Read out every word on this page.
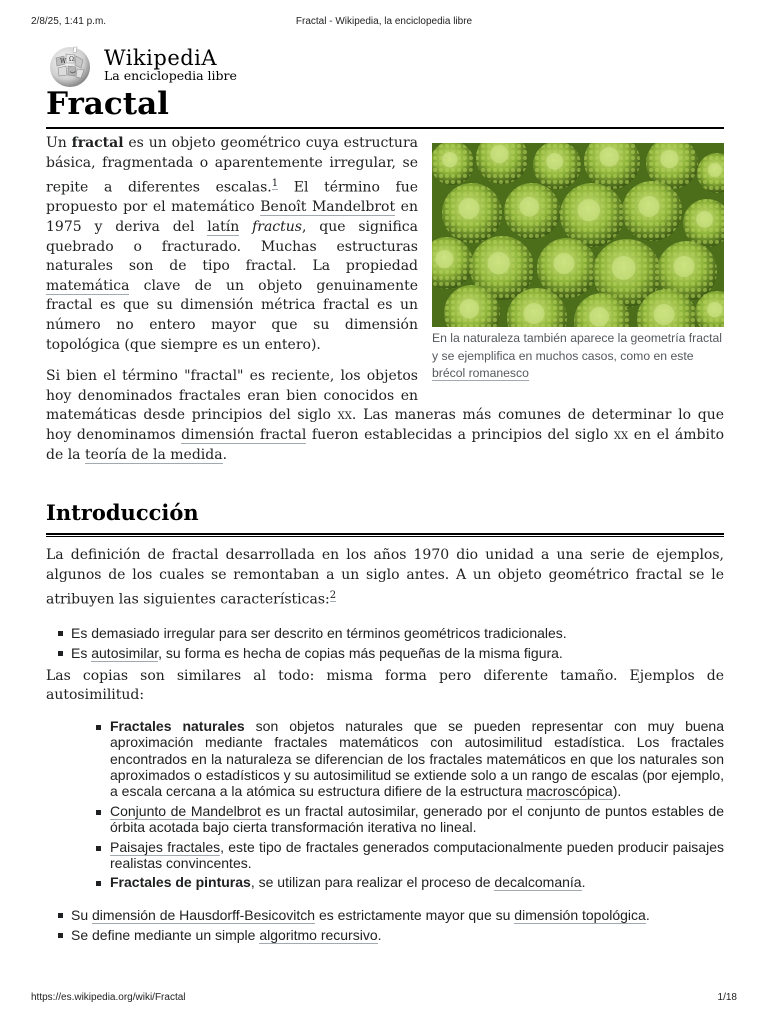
2/8/25, 1:41 p.m.	Fractal - Wikipedia, la enciclopedia libre
W Ω
ب
WikipediA
La enciclopedia libre
Fractal
En la naturaleza también aparece la geometría fractal y se ejemplifica en muchos casos, como en este brécol romanesco

Un fractal es un objeto geométrico cuya estructura básica, fragmentada o aparentemente irregular, se repite a diferentes escalas.$^1$ El término fue propuesto por el matemático Benoît Mandelbrot en 1975 y deriva del latín fractus, que significa quebrado o fracturado. Muchas estructuras naturales son de tipo fractal. La propiedad matemática clave de un objeto genuinamente fractal es que su dimensión métrica fractal es un número no entero mayor que su dimensión topológica (que siempre es un entero).

Si bien el término "fractal" es reciente, los objetos hoy denominados fractales eran bien conocidos en matemáticas desde principios del siglo xx. Las maneras más comunes de determinar lo que hoy denominamos dimensión fractal fueron establecidas a principios del siglo xx en el ámbito de la teoría de la medida.

Introducción

La definición de fractal desarrollada en los años 1970 dio unidad a una serie de ejemplos, algunos de los cuales se remontaban a un siglo antes. A un objeto geométrico fractal se le atribuyen las siguientes características:$^2$

Es demasiado irregular para ser descrito en términos geométricos tradicionales.
Es autosimilar, su forma es hecha de copias más pequeñas de la misma figura.

Las copias son similares al todo: misma forma pero diferente tamaño. Ejemplos de autosimilitud:

Fractales naturales son objetos naturales que se pueden representar con muy buena aproximación mediante fractales matemáticos con autosimilitud estadística. Los fractales encontrados en la naturaleza se diferencian de los fractales matemáticos en que los naturales son aproximados o estadísticos y su autosimilitud se extiende solo a un rango de escalas (por ejemplo, a escala cercana a la atómica su estructura difiere de la estructura macroscópica).
Conjunto de Mandelbrot es un fractal autosimilar, generado por el conjunto de puntos estables de órbita acotada bajo cierta transformación iterativa no lineal.
Paisajes fractales, este tipo de fractales generados computacionalmente pueden producir paisajes realistas convincentes.
Fractales de pinturas, se utilizan para realizar el proceso de decalcomanía.
Su dimensión de Hausdorff-Besicovitch es estrictamente mayor que su dimensión topológica.
Se define mediante un simple algoritmo recursivo.
https://es.wikipedia.org/wiki/Fractal	1/18
